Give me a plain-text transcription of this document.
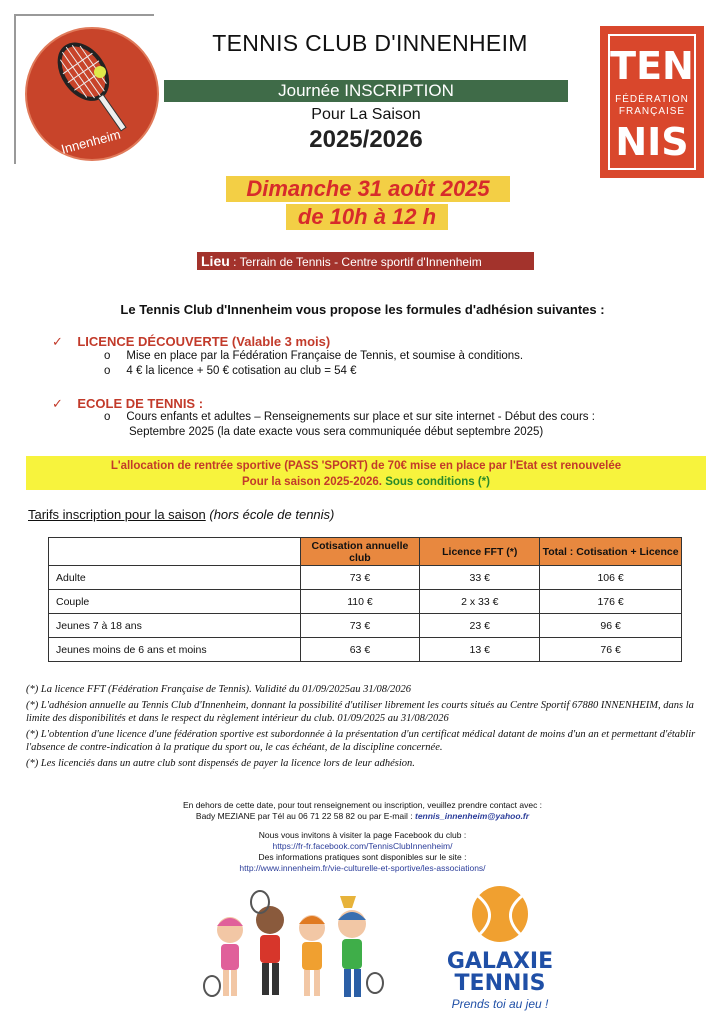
Innenheim
TENNIS CLUB D'INNENHEIM
Journée INSCRIPTION
Pour La Saison
2025/2026
TEN
FÉDÉRATION
FRANÇAISE
NIS
Dimanche 31 août 2025
de 10h à 12 h
Lieu : Terrain de Tennis - Centre sportif d'Innenheim
Le Tennis Club d'Innenheim vous propose les formules d'adhésion suivantes :
✓ LICENCE DÉCOUVERTE (Valable 3 mois)
o     Mise en place par la Fédération Française de Tennis, et soumise à conditions.
o     4 € la licence + 50 € cotisation au club = 54 €
✓ ECOLE DE TENNIS :
o     Cours enfants et adultes – Renseignements sur place et sur site internet - Début des cours :
Septembre 2025 (la date exacte vous sera communiquée début septembre 2025)
L'allocation de rentrée sportive (PASS 'SPORT) de 70€ mise en place par l'Etat est renouvelée
Pour la saison 2025-2026. Sous conditions (*)
Tarifs inscription pour la saison (hors école de tennis)
	Cotisation annuelle club	Licence FFT (*)	Total : Cotisation + Licence
Adulte	73 €	33 €	106 €
Couple	110 €	2 x 33 €	176 €
Jeunes 7 à 18 ans	73 €	23 €	96 €
Jeunes moins de 6 ans et moins	63 €	13 €	76 €

(*) La licence FFT (Fédération Française de Tennis). Validité du 01/09/2025au 31/08/2026

(*) L'adhésion annuelle au Tennis Club d'Innenheim, donnant la possibilité d'utiliser librement les courts situés au Centre Sportif 67880 INNENHEIM, dans la limite des disponibilités et dans le respect du règlement intérieur du club. 01/09/2025 au 31/08/2026

(*) L'obtention d'une licence d'une fédération sportive est subordonnée à la présentation d'un certificat médical datant de moins d'un an et permettant d'établir l'absence de contre-indication à la pratique du sport ou, le cas échéant, de la discipline concernée.

(*) Les licenciés dans un autre club sont dispensés de payer la licence lors de leur adhésion.

En dehors de cette date, pour tout renseignement ou inscription, veuillez prendre contact avec :
Bady MEZIANE par Tél au 06 71 22 58 82 ou par E-mail : tennis_innenheim@yahoo.fr
Nous vous invitons à visiter la page Facebook du club :
https://fr-fr.facebook.com/TennisClubInnenheim/
Des informations pratiques sont disponibles sur le site :
http://www.innenheim.fr/vie-culturelle-et-sportive/les-associations/
GALAXIE
TENNIS
Prends toi au jeu !
